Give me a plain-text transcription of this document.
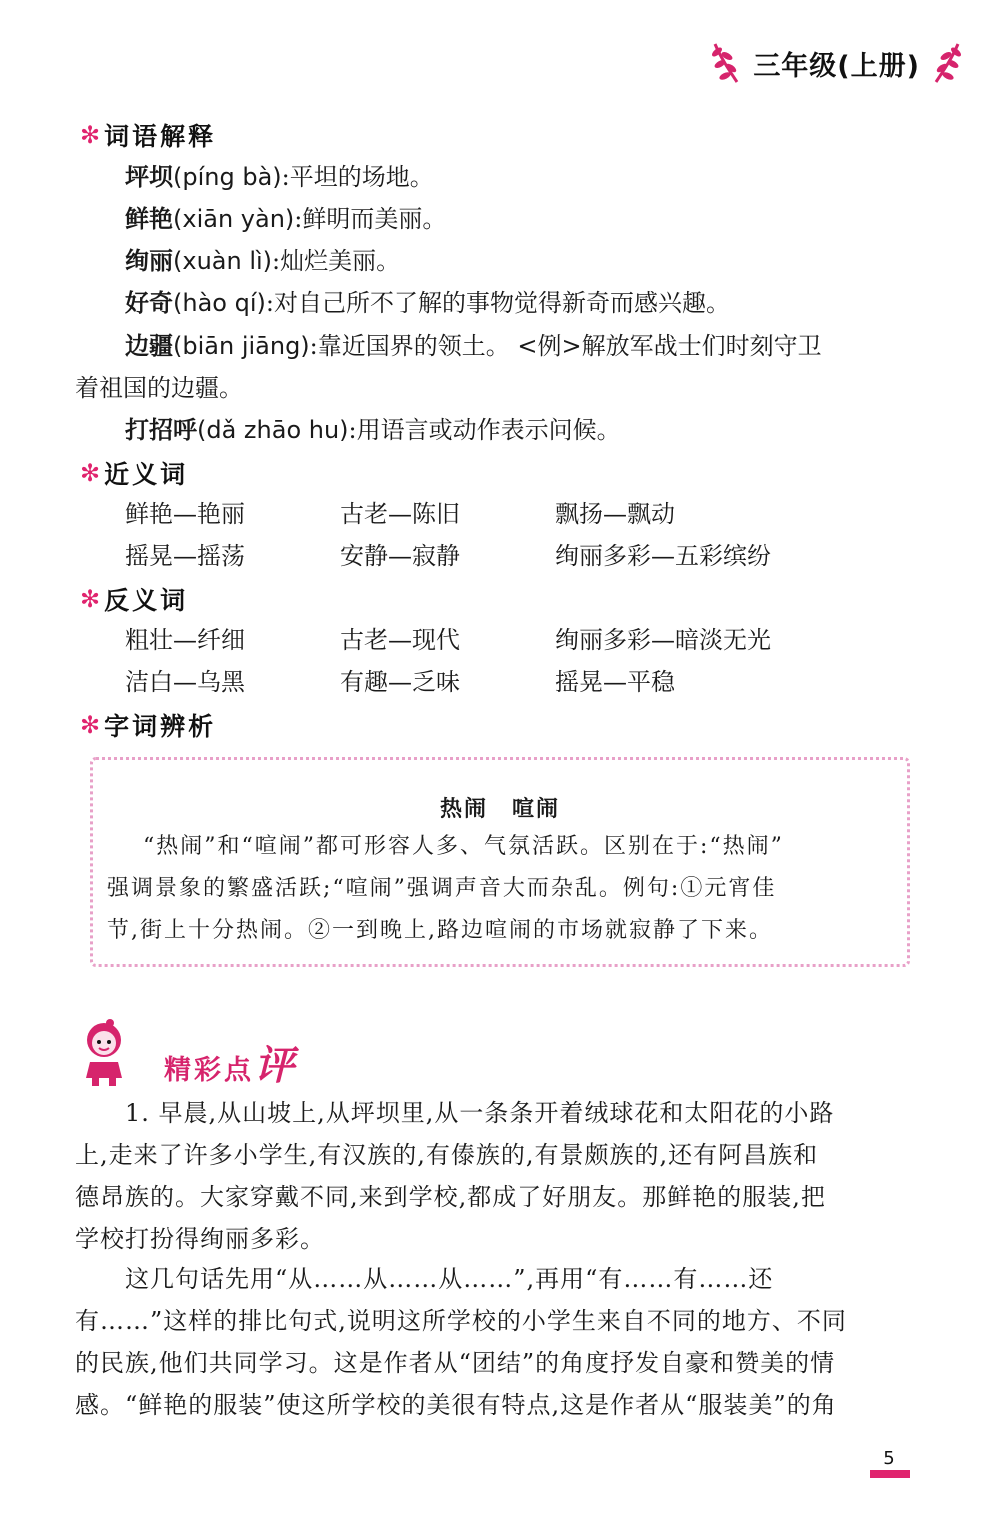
三年级(上册)
✻ 词语解释
坪坝(píng bà):平坦的场地。
鲜艳(xiān yàn):鲜明而美丽。
绚丽(xuàn lì):灿烂美丽。
好奇(hào qí):对自己所不了解的事物觉得新奇而感兴趣。
边疆(biān jiāng):靠近国界的领土。 <例>解放军战士们时刻守卫
着祖国的边疆。
打招呼(dǎ zhāo hu):用语言或动作表示问候。
✻ 近义词
鲜艳—艳丽	古老—陈旧	飘扬—飘动
摇晃—摇荡	安静—寂静	绚丽多彩—五彩缤纷
✻ 反义词
粗壮—纤细	古老—现代	绚丽多彩—暗淡无光
洁白—乌黑	有趣—乏味	摇晃—平稳
✻ 字词辨析
热闹 喧闹
“热闹”和“喧闹”都可形容人多、气氛活跃。区别在于:“热闹”
强调景象的繁盛活跃;“喧闹”强调声音大而杂乱。例句:①元宵佳
节,街上十分热闹。②一到晚上,路边喧闹的市场就寂静了下来。
精彩点评
1. 早晨,从山坡上,从坪坝里,从一条条开着绒球花和太阳花的小路
上,走来了许多小学生,有汉族的,有傣族的,有景颇族的,还有阿昌族和
德昂族的。大家穿戴不同,来到学校,都成了好朋友。那鲜艳的服装,把
学校打扮得绚丽多彩。
这几句话先用“从……从……从……”,再用“有……有……还
有……”这样的排比句式,说明这所学校的小学生来自不同的地方、不同
的民族,他们共同学习。这是作者从“团结”的角度抒发自豪和赞美的情
感。“鲜艳的服装”使这所学校的美很有特点,这是作者从“服装美”的角
5
